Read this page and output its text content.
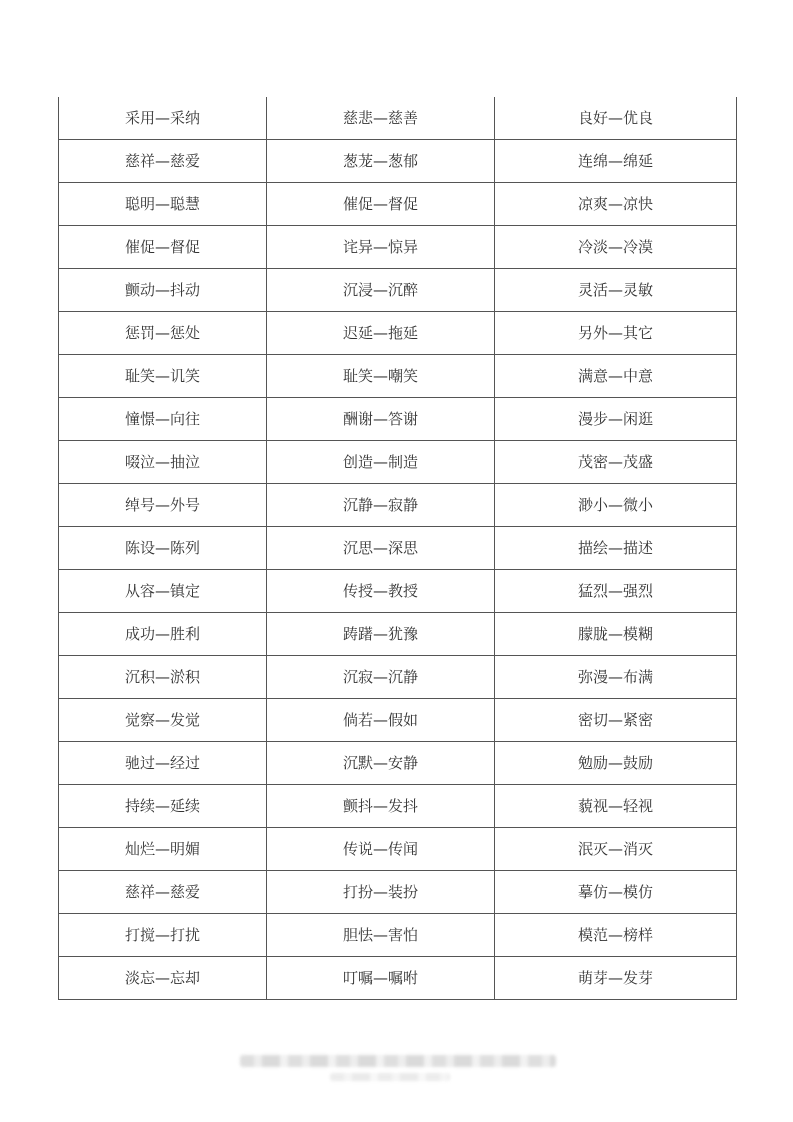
采用—采纳	慈悲—慈善	良好—优良
慈祥—慈爱	葱茏—葱郁	连绵—绵延
聪明—聪慧	催促—督促	凉爽—凉快
催促—督促	诧异—惊异	冷淡—冷漠
颤动—抖动	沉浸—沉醉	灵活—灵敏
惩罚—惩处	迟延—拖延	另外—其它
耻笑—讥笑	耻笑—嘲笑	满意—中意
憧憬—向往	酬谢—答谢	漫步—闲逛
啜泣—抽泣	创造—制造	茂密—茂盛
绰号—外号	沉静—寂静	渺小—微小
陈设—陈列	沉思—深思	描绘—描述
从容—镇定	传授—教授	猛烈—强烈
成功—胜利	踌躇—犹豫	朦胧—模糊
沉积—淤积	沉寂—沉静	弥漫—布满
觉察—发觉	倘若—假如	密切—紧密
驰过—经过	沉默—安静	勉励—鼓励
持续—延续	颤抖—发抖	藐视—轻视
灿烂—明媚	传说—传闻	泯灭—消灭
慈祥—慈爱	打扮—装扮	摹仿—模仿
打搅—打扰	胆怯—害怕	模范—榜样
淡忘—忘却	叮嘱—嘱咐	萌芽—发芽
